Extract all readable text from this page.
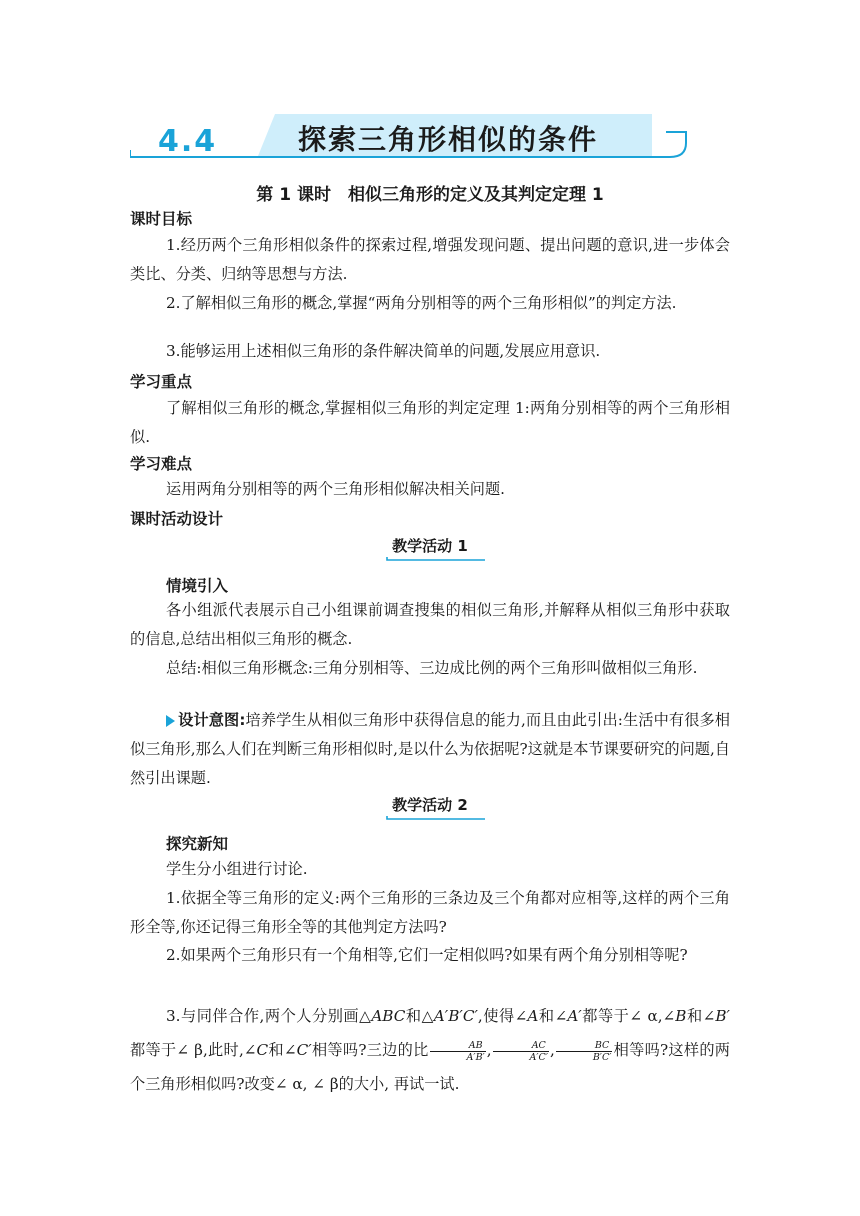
4.4	探索三角形相似的条件
第 1 课时　相似三角形的定义及其判定定理 1
课时目标
1.经历两个三角形相似条件的探索过程,增强发现问题、提出问题的意识,进一步体会类比、分类、归纳等思想与方法.
2.了解相似三角形的概念,掌握“两角分别相等的两个三角形相似”的判定方法.
3.能够运用上述相似三角形的条件解决简单的问题,发展应用意识.
学习重点
了解相似三角形的概念,掌握相似三角形的判定定理 1:两角分别相等的两个三角形相似.
学习难点
运用两角分别相等的两个三角形相似解决相关问题.
课时活动设计
教学活动 1
情境引入
各小组派代表展示自己小组课前调查搜集的相似三角形,并解释从相似三角形中获取的信息,总结出相似三角形的概念.
总结:相似三角形概念:三角分别相等、三边成比例的两个三角形叫做相似三角形.
设计意图:培养学生从相似三角形中获得信息的能力,而且由此引出:生活中有很多相似三角形,那么人们在判断三角形相似时,是以什么为依据呢?这就是本节课要研究的问题,自然引出课题.
教学活动 2
探究新知
学生分小组进行讨论.
1.依据全等三角形的定义:两个三角形的三条边及三个角都对应相等,这样的两个三角形全等,你还记得三角形全等的其他判定方法吗?
2.如果两个三角形只有一个角相等,它们一定相似吗?如果有两个角分别相等呢?
3.与同伴合作,两个人分别画△ABC和△A′B′C′,使得∠A和∠A′都等于∠ α,∠B和∠B′都等于∠ β,此时,∠C和∠C′相等吗?三边的比 $\frac{AB}{A'B'}$ , $\frac{AC}{A'C'}$ , $\frac{BC}{B'C'}$ 相等吗?这样的两个三角形相似吗?改变∠ α, ∠ β的大小, 再试一试.
